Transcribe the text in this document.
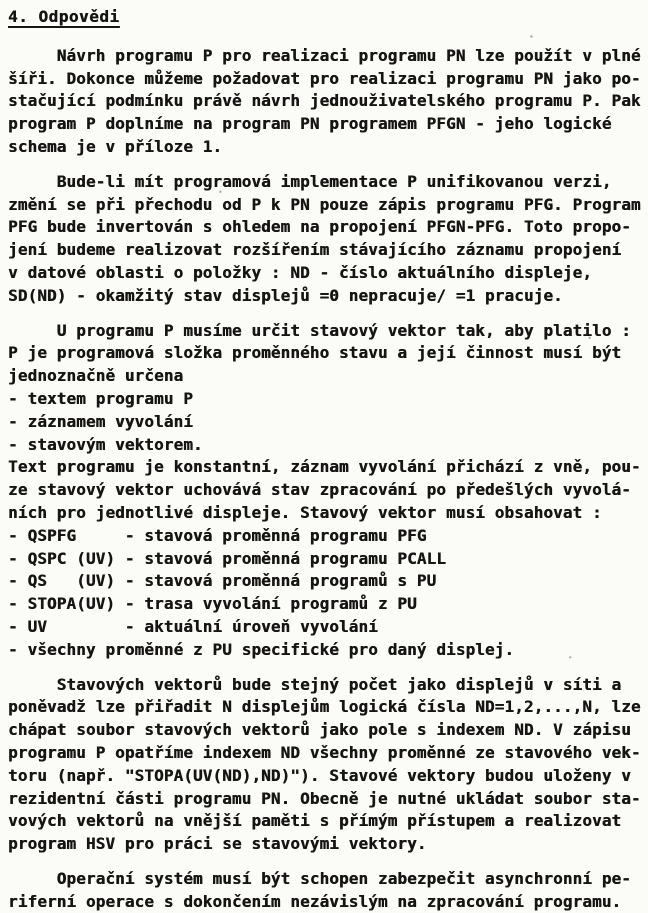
4. Odpovědi
Návrh programu P pro realizaci programu PN lze použít v plné
šíři. Dokonce můžeme požadovat pro realizaci programu PN jako po-
stačující podmínku právě návrh jednouživatelského programu P. Pak
program P doplníme na program PN programem PFGN - jeho logické
schema je v příloze 1.
Bude-li mít programová implementace P unifikovanou verzi,
změní se při přechodu od P k PN pouze zápis programu PFG. Program
PFG bude invertován s ohledem na propojení PFGN-PFG. Toto propo-
jení budeme realizovat rozšířením stávajícího záznamu propojení
v datové oblasti o položky : ND - číslo aktuálního displeje,
SD(ND) - okamžitý stav displejů =0 nepracuje/ =1 pracuje.
U programu P musíme určit stavový vektor tak, aby platilo :
P je programová složka proměnného stavu a její činnost musí být
jednoznačně určena
- textem programu P
- záznamem vyvolání
- stavovým vektorem.
Text programu je konstantní, záznam vyvolání přichází z vně, pou-
ze stavový vektor uchovává stav zpracování po předešlých vyvolá-
ních pro jednotlivé displeje. Stavový vektor musí obsahovat :
- QSPFG     - stavová proměnná programu PFG
- QSPC (UV) - stavová proměnná programu PCALL
- QS   (UV) - stavová proměnná programů s PU
- STOPA(UV) - trasa vyvolání programů z PU
- UV        - aktuální úroveň vyvolání
- všechny proměnné z PU specifické pro daný displej.
Stavových vektorů bude stejný počet jako displejů v síti a
poněvadž lze přiřadit N displejům logická čísla ND=1,2,...,N, lze
chápat soubor stavových vektorů jako pole s indexem ND. V zápisu
programu P opatříme indexem ND všechny proměnné ze stavového vek-
toru (např. "STOPA(UV(ND),ND)"). Stavové vektory budou uloženy v
rezidentní části programu PN. Obecně je nutné ukládat soubor sta-
vových vektorů na vnější paměti s přímým přístupem a realizovat
program HSV pro práci se stavovými vektory.
Operační systém musí být schopen zabezpečit asynchronní pe-
riferní operace s dokončením nezávislým na zpracování programu.
